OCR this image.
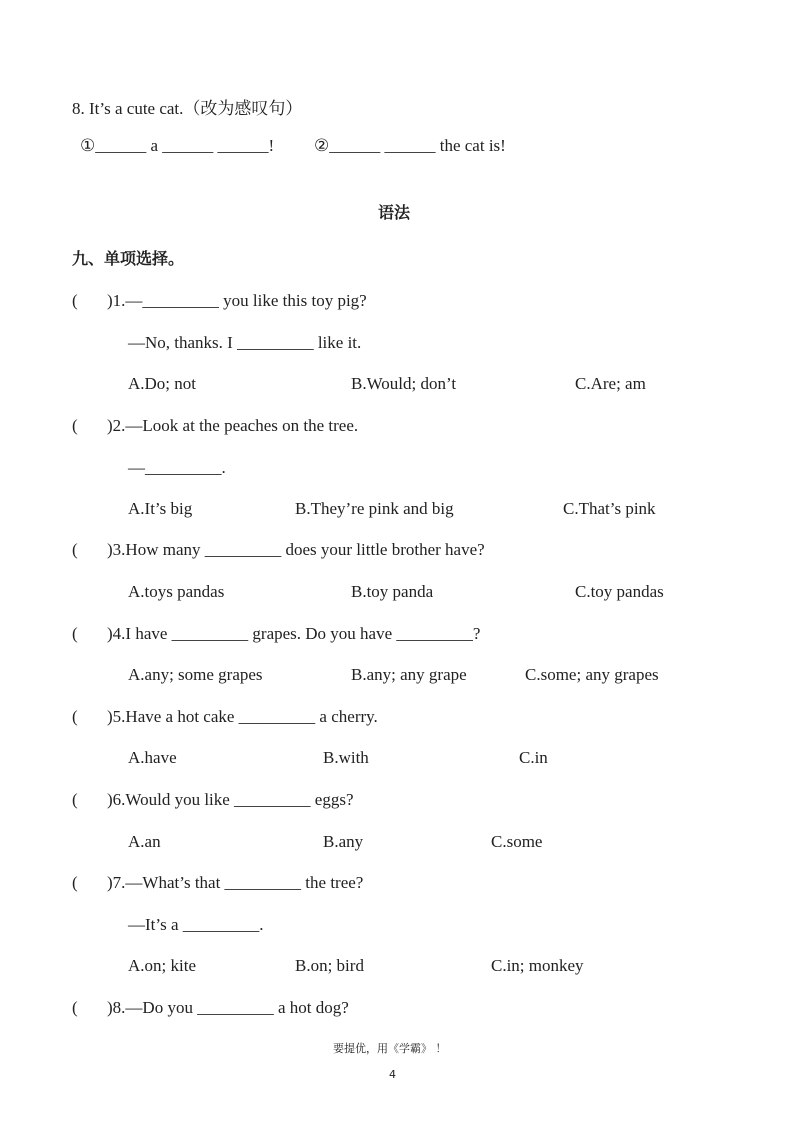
8. It’s a cute cat.（改为感叹句）
①______ a ______ ______! ②______ ______ the cat is!
语法
九、单项选择。
( )1.—_________ you like this toy pig?
—No, thanks. I _________ like it.
A.Do; not	B.Would; don’t	C.Are; am
( )2.—Look at the peaches on the tree.
—_________.
A.It’s big	B.They’re pink and big	C.That’s pink
( )3.How many _________ does your little brother have?
A.toys pandas	B.toy panda	C.toy pandas
( )4.I have _________ grapes. Do you have _________?
A.any; some grapes	B.any; any grape	C.some; any grapes
( )5.Have a hot cake _________ a cherry.
A.have	B.with	C.in
( )6.Would you like _________ eggs?
A.an	B.any	C.some
( )7.—What’s that _________ the tree?
—It’s a _________.
A.on; kite	B.on; bird	C.in; monkey
( )8.—Do you _________ a hot dog?
要提优，用《学霸》 ！
4
